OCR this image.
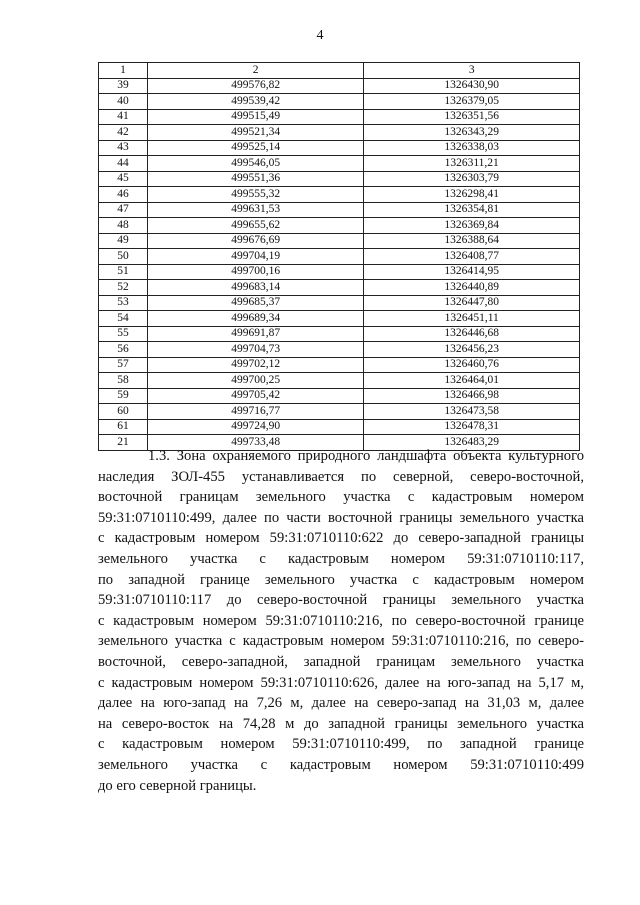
4
1	2	3
39	499576,82	1326430,90
40	499539,42	1326379,05
41	499515,49	1326351,56
42	499521,34	1326343,29
43	499525,14	1326338,03
44	499546,05	1326311,21
45	499551,36	1326303,79
46	499555,32	1326298,41
47	499631,53	1326354,81
48	499655,62	1326369,84
49	499676,69	1326388,64
50	499704,19	1326408,77
51	499700,16	1326414,95
52	499683,14	1326440,89
53	499685,37	1326447,80
54	499689,34	1326451,11
55	499691,87	1326446,68
56	499704,73	1326456,23
57	499702,12	1326460,76
58	499700,25	1326464,01
59	499705,42	1326466,98
60	499716,77	1326473,58
61	499724,90	1326478,31
21	499733,48	1326483,29
1.3. Зона охраняемого природного ландшафта объекта культурного
наследия ЗОЛ-455 устанавливается по северной, северо-восточной,
восточной границам земельного участка с кадастровым номером
59:31:0710110:499, далее по части восточной границы земельного участка
с кадастровым номером 59:31:0710110:622 до северо-западной границы
земельного участка с кадастровым номером 59:31:0710110:117,
по западной границе земельного участка с кадастровым номером
59:31:0710110:117 до северо-восточной границы земельного участка
с кадастровым номером 59:31:0710110:216, по северо-восточной границе
земельного участка с кадастровым номером 59:31:0710110:216, по северо-
восточной, северо-западной, западной границам земельного участка
с кадастровым номером 59:31:0710110:626, далее на юго-запад на 5,17 м,
далее на юго-запад на 7,26 м, далее на северо-запад на 31,03 м, далее
на северо-восток на 74,28 м до западной границы земельного участка
с кадастровым номером 59:31:0710110:499, по западной границе
земельного участка с кадастровым номером 59:31:0710110:499
до его северной границы.
